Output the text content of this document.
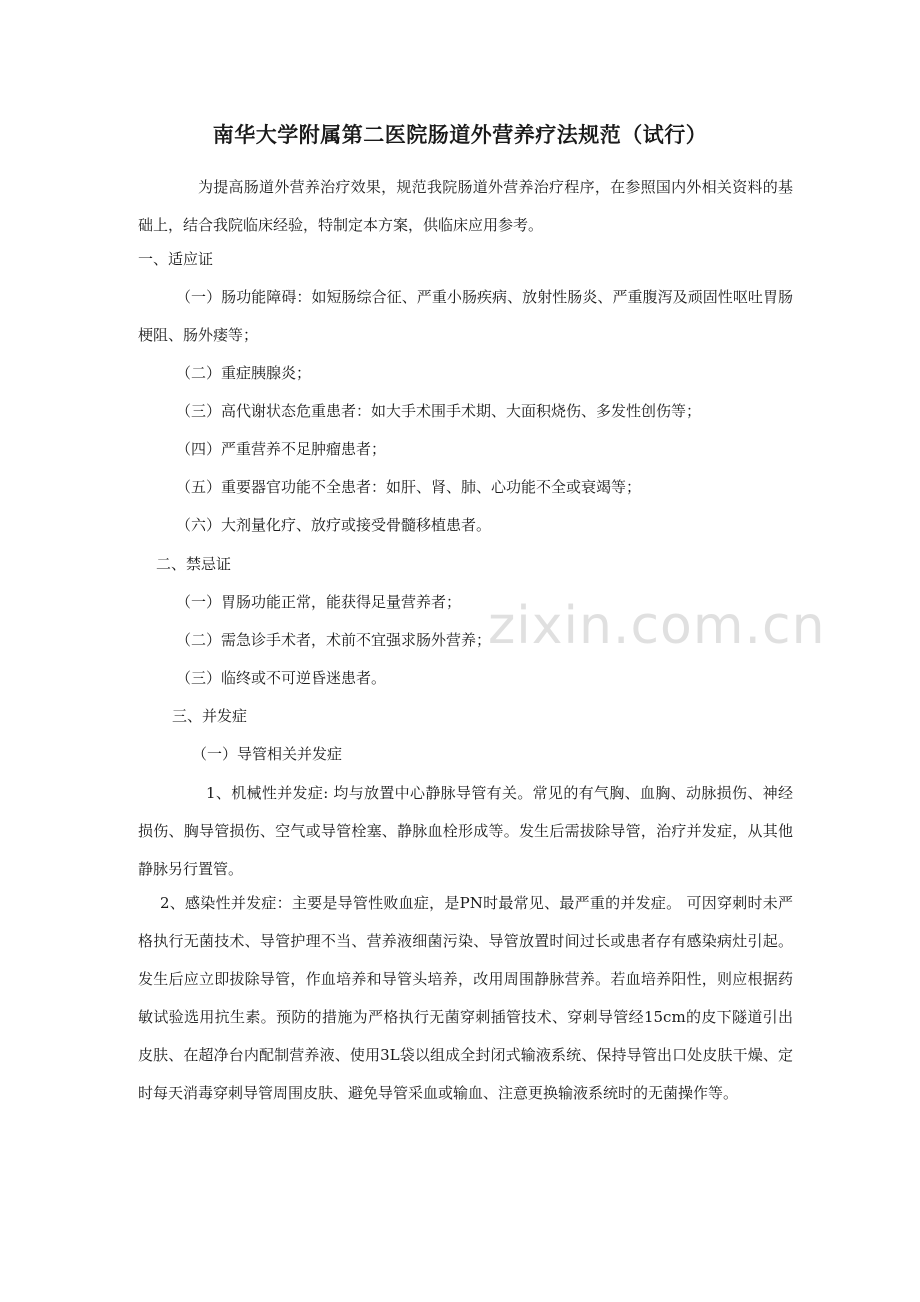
南华大学附属第二医院肠道外营养疗法规范（试行）

为提高肠道外营养治疗效果，规范我院肠道外营养治疗程序，在参照国内外相关资料的基础上，结合我院临床经验，特制定本方案，供临床应用参考。

一、适应证

（一）肠功能障碍：如短肠综合征、严重小肠疾病、放射性肠炎、严重腹泻及顽固性呕吐胃肠梗阻、肠外瘘等；

（二）重症胰腺炎；
（三）高代谢状态危重患者：如大手术围手术期、大面积烧伤、多发性创伤等；
（四）严重营养不足肿瘤患者；
（五）重要器官功能不全患者：如肝、肾、肺、心功能不全或衰竭等；
（六）大剂量化疗、放疗或接受骨髓移植患者。
二、禁忌证
（一）胃肠功能正常，能获得足量营养者；
（二）需急诊手术者，术前不宜强求肠外营养；
（三）临终或不可逆昏迷患者。
三、并发症
（一）导管相关并发症

1、机械性并发症: 均与放置中心静脉导管有关。常见的有气胸、血胸、动脉损伤、神经损伤、胸导管损伤、空气或导管栓塞、静脉血栓形成等。发生后需拔除导管，治疗并发症，从其他静脉另行置管。

2、感染性并发症：主要是导管性败血症，是PN时最常见、最严重的并发症。 可因穿刺时未严格执行无菌技术、导管护理不当、营养液细菌污染、导管放置时间过长或患者存有感染病灶引起。发生后应立即拔除导管，作血培养和导管头培养，改用周围静脉营养。若血培养阳性，则应根据药敏试验选用抗生素。预防的措施为严格执行无菌穿刺插管技术、穿刺导管经15cm的皮下隧道引出皮肤、在超净台内配制营养液、使用3L袋以组成全封闭式输液系统、保持导管出口处皮肤干燥、定时每天消毒穿刺导管周围皮肤、避免导管采血或输血、注意更换输液系统时的无菌操作等。

zixin.com.cn
